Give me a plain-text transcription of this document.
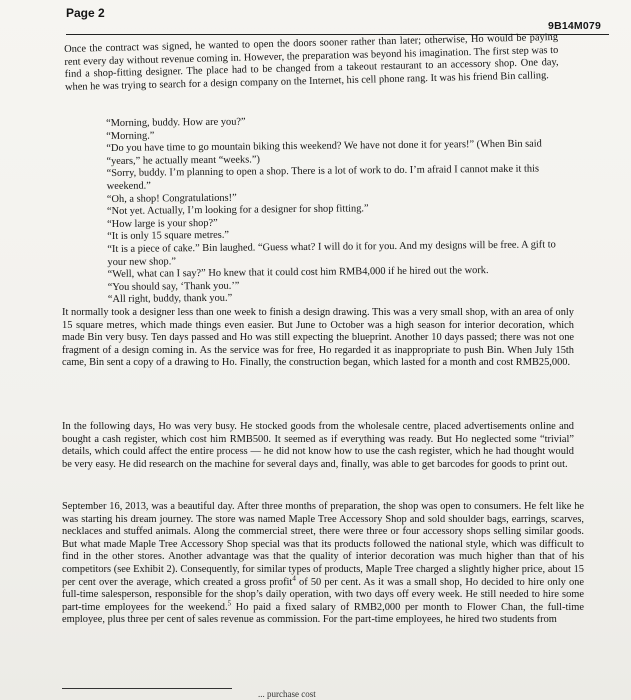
Page 2
9B14M079

Once the contract was signed, he wanted to open the doors sooner rather than later; otherwise, Ho would be paying rent every day without revenue coming in. However, the preparation was beyond his imagination. The first step was to find a shop-fitting designer. The place had to be changed from a takeout restaurant to an accessory shop. One day, when he was trying to search for a design company on the Internet, his cell phone rang. It was his friend Bin calling.

“Morning, buddy. How are you?”

“Morning.”

“Do you have time to go mountain biking this weekend? We have not done it for years!” (When Bin said “years,” he actually meant “weeks.”)

“Sorry, buddy. I’m planning to open a shop. There is a lot of work to do. I’m afraid I cannot make it this weekend.”

“Oh, a shop! Congratulations!”

“Not yet. Actually, I’m looking for a designer for shop fitting.”

“How large is your shop?”

“It is only 15 square metres.”

“It is a piece of cake.” Bin laughed. “Guess what? I will do it for you. And my designs will be free. A gift to your new shop.”

“Well, what can I say?” Ho knew that it could cost him RMB4,000 if he hired out the work.

“You should say, ‘Thank you.’”

“All right, buddy, thank you.”

It normally took a designer less than one week to finish a design drawing. This was a very small shop, with an area of only 15 square metres, which made things even easier. But June to October was a high season for interior decoration, which made Bin very busy. Ten days passed and Ho was still expecting the blueprint. Another 10 days passed; there was not one fragment of a design coming in. As the service was for free, Ho regarded it as inappropriate to push Bin. When July 15th came, Bin sent a copy of a drawing to Ho. Finally, the construction began, which lasted for a month and cost RMB25,000.

In the following days, Ho was very busy. He stocked goods from the wholesale centre, placed advertisements online and bought a cash register, which cost him RMB500. It seemed as if everything was ready. But Ho neglected some “trivial” details, which could affect the entire process — he did not know how to use the cash register, which he had thought would be very easy. He did research on the machine for several days and, finally, was able to get barcodes for goods to print out.

September 16, 2013, was a beautiful day. After three months of preparation, the shop was open to consumers. He felt like he was starting his dream journey. The store was named Maple Tree Accessory Shop and sold shoulder bags, earrings, scarves, necklaces and stuffed animals. Along the commercial street, there were three or four accessory shops selling similar goods. But what made Maple Tree Accessory Shop special was that its products followed the national style, which was difficult to find in the other stores. Another advantage was that the quality of interior decoration was much higher than that of his competitors (see Exhibit 2). Consequently, for similar types of products, Maple Tree charged a slightly higher price, about 15 per cent over the average, which created a gross profit$^4$ of 50 per cent. As it was a small shop, Ho decided to hire only one full-time salesperson, responsible for the shop’s daily operation, with two days off every week. He still needed to hire some part-time employees for the weekend.$^5$ Ho paid a fixed salary of RMB2,000 per month to Flower Chan, the full-time employee, plus three per cent of sales revenue as commission. For the part-time employees, he hired two students from

... purchase cost
